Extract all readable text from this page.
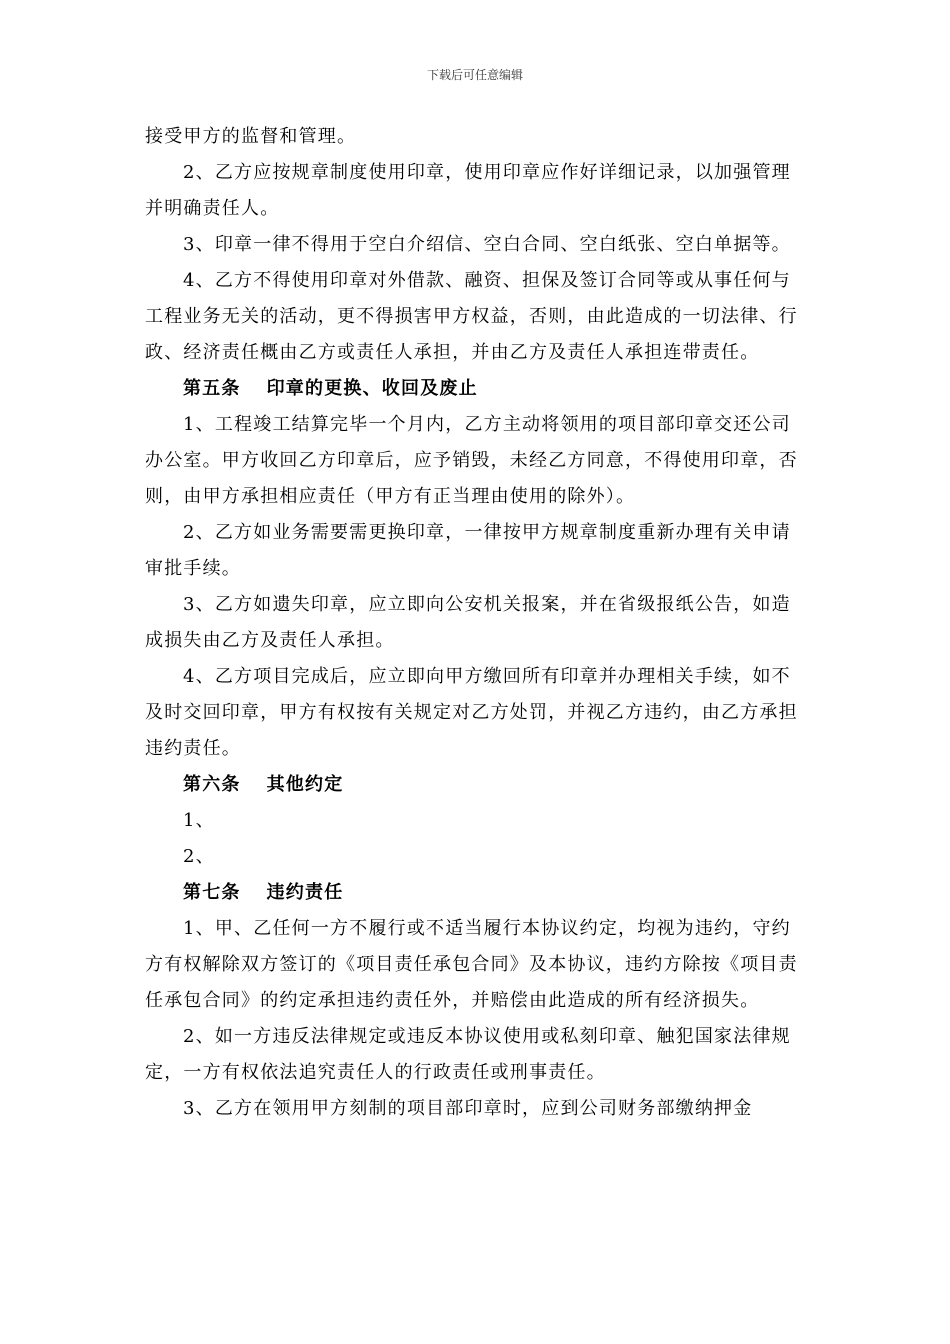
下载后可任意编辑

接受甲方的监督和管理。

2、乙方应按规章制度使用印章，使用印章应作好详细记录，以加强管理并明确责任人。

3、印章一律不得用于空白介绍信、空白合同、空白纸张、空白单据等。

4、乙方不得使用印章对外借款、融资、担保及签订合同等或从事任何与工程业务无关的活动，更不得损害甲方权益，否则，由此造成的一切法律、行政、经济责任概由乙方或责任人承担，并由乙方及责任人承担连带责任。

第五条 印章的更换、收回及废止

1、工程竣工结算完毕一个月内，乙方主动将领用的项目部印章交还公司办公室。甲方收回乙方印章后，应予销毁，未经乙方同意，不得使用印章，否则，由甲方承担相应责任（甲方有正当理由使用的除外）。

2、乙方如业务需要需更换印章，一律按甲方规章制度重新办理有关申请审批手续。

3、乙方如遗失印章，应立即向公安机关报案，并在省级报纸公告，如造成损失由乙方及责任人承担。

4、乙方项目完成后，应立即向甲方缴回所有印章并办理相关手续，如不及时交回印章，甲方有权按有关规定对乙方处罚，并视乙方违约，由乙方承担违约责任。

第六条 其他约定

1、

2、

第七条 违约责任

1、甲、乙任何一方不履行或不适当履行本协议约定，均视为违约，守约方有权解除双方签订的《项目责任承包合同》及本协议，违约方除按《项目责任承包合同》的约定承担违约责任外，并赔偿由此造成的所有经济损失。

2、如一方违反法律规定或违反本协议使用或私刻印章、触犯国家法律规定，一方有权依法追究责任人的行政责任或刑事责任。

3、乙方在领用甲方刻制的项目部印章时，应到公司财务部缴纳押金
